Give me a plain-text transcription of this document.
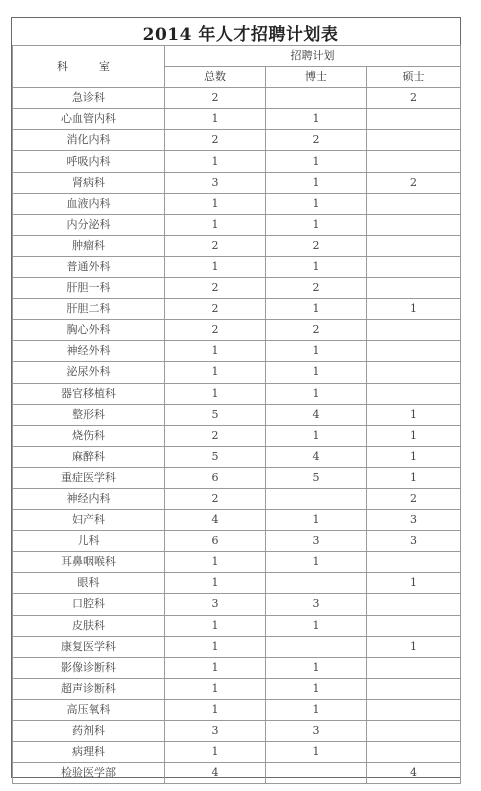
2014 年人才招聘计划表
科　室	招聘计划		
	总数	博士	硕士
急诊科	2		2
心血管内科	1	1	
消化内科	2	2	
呼吸内科	1	1	
肾病科	3	1	2
血液内科	1	1	
内分泌科	1	1	
肿瘤科	2	2	
普通外科	1	1	
肝胆一科	2	2	
肝胆二科	2	1	1
胸心外科	2	2	
神经外科	1	1	
泌尿外科	1	1	
器官移植科	1	1	
整形科	5	4	1
烧伤科	2	1	1
麻醉科	5	4	1
重症医学科	6	5	1
神经内科	2		2
妇产科	4	1	3
儿科	6	3	3
耳鼻咽喉科	1	1	
眼科	1		1
口腔科	3	3	
皮肤科	1	1	
康复医学科	1		1
影像诊断科	1	1	
超声诊断科	1	1	
高压氧科	1	1	
药剂科	3	3	
病理科	1	1	
检验医学部	4		4
